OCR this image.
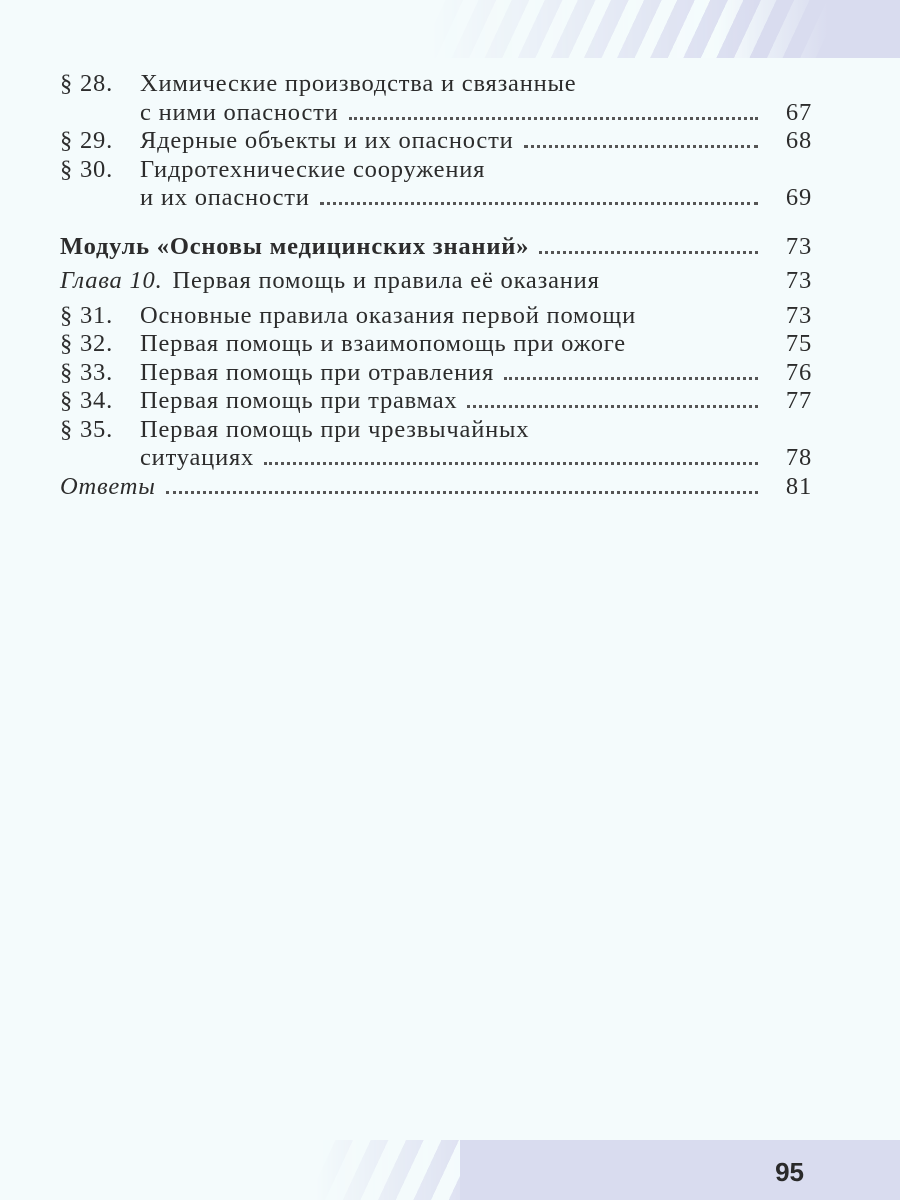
§ 28.	Химические производства и связанные
с ними опасности	67
§ 29.	Ядерные объекты и их опасности	68
§ 30.	Гидротехнические сооружения
и их опасности	69
Модуль «Основы медицинских знаний»	73
Глава 10. Первая помощь и правила её оказания	73
§ 31.	Основные правила оказания первой помощи	73
§ 32.	Первая помощь и взаимопомощь при ожоге	75
§ 33.	Первая помощь при отравления	76
§ 34.	Первая помощь при травмах	77
§ 35.	Первая помощь при чрезвычайных
ситуациях	78
Ответы	81
95
